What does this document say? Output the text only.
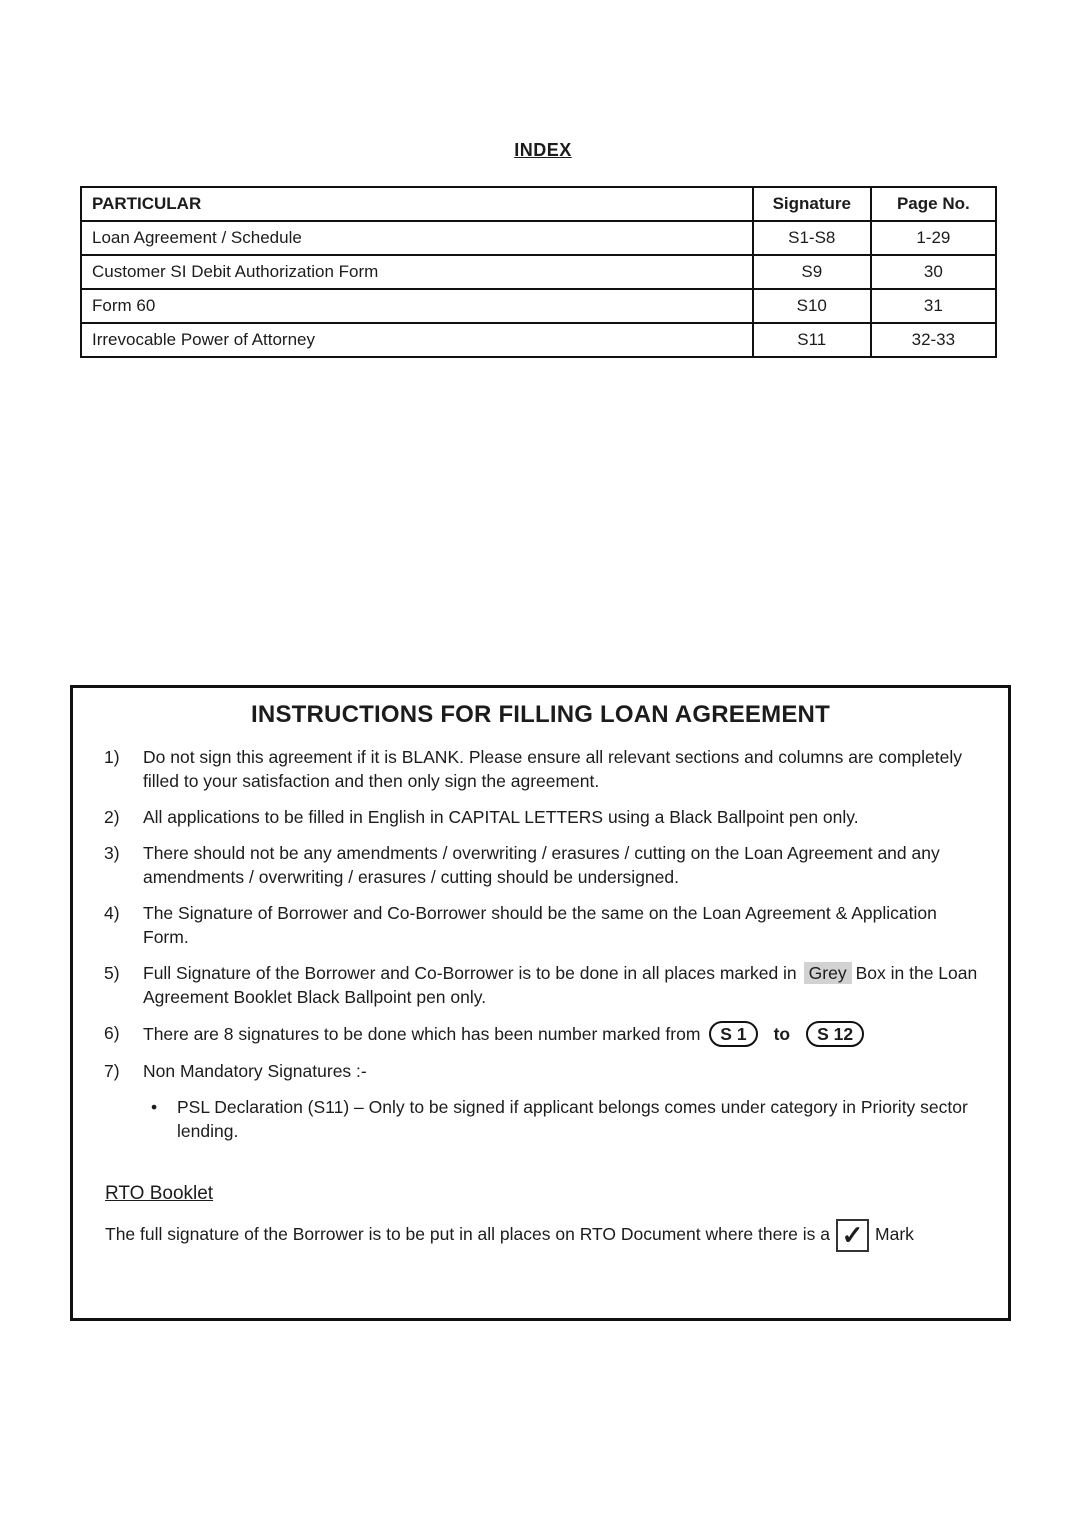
INDEX
PARTICULAR	Signature	Page No.
Loan Agreement / Schedule	S1-S8	1-29
Customer SI Debit Authorization Form	S9	30
Form 60	S10	31
Irrevocable Power of Attorney	S11	32-33
INSTRUCTIONS FOR FILLING LOAN AGREEMENT
1)	Do not sign this agreement if it is BLANK. Please ensure all relevant sections and columns are completely filled to your satisfaction and then only sign the agreement.
2)	All applications to be filled in English in CAPITAL LETTERS using a Black Ballpoint pen only.
3)	There should not be any amendments / overwriting / erasures / cutting on the Loan Agreement and any amendments / overwriting / erasures / cutting should be undersigned.
4)	The Signature of Borrower and Co-Borrower should be the same on the Loan Agreement & Application Form.
5)	Full Signature of the Borrower and Co-Borrower is to be done in all places marked in Grey Box in the Loan Agreement Booklet Black Ballpoint pen only.
6)	There are 8 signatures to be done which has been number marked from S 1 to S 12
7)	Non Mandatory Signatures :-
•	PSL Declaration (S11) – Only to be signed if applicant belongs comes under category in Priority sector lending.
RTO Booklet
The full signature of the Borrower is to be put in all places on RTO Document where there is a ✓ Mark
